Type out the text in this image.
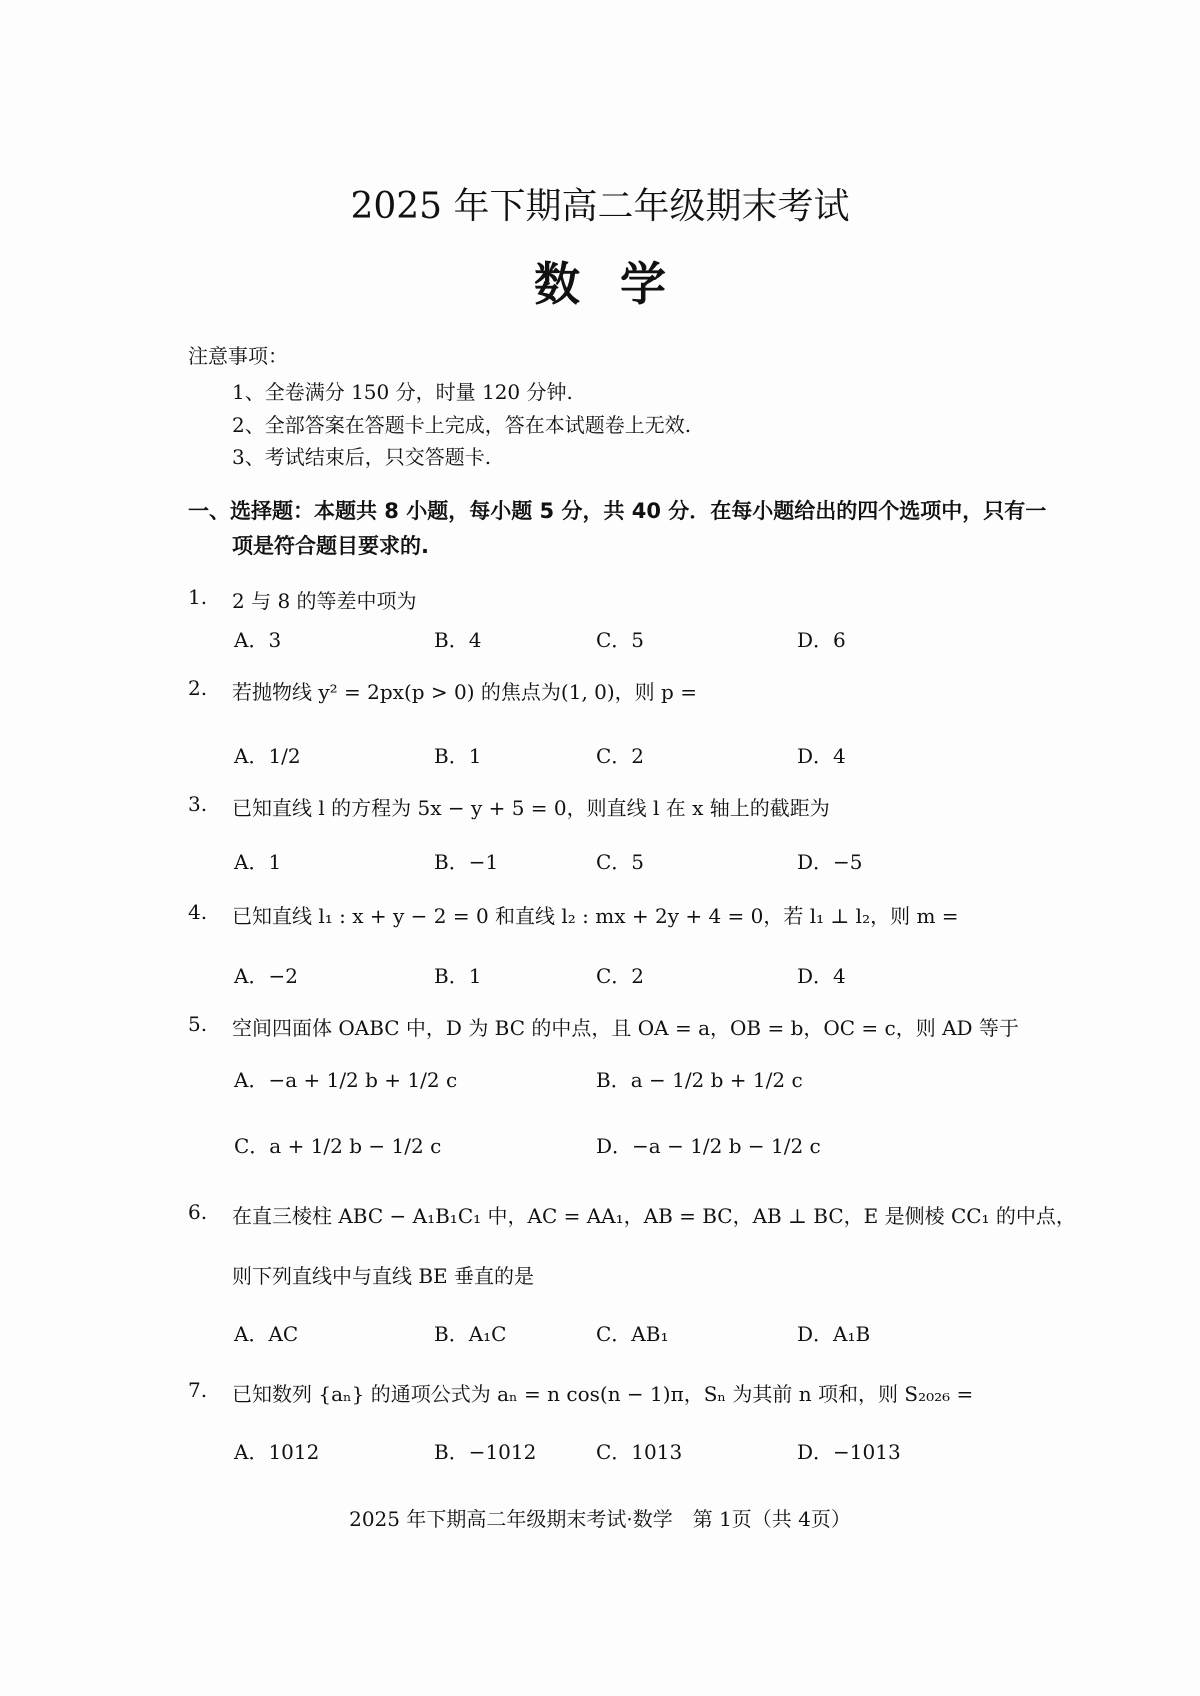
2025 年下期高二年级期末考试
数学
注意事项：
1、全卷满分 150 分，时量 120 分钟.
2、全部答案在答题卡上完成，答在本试题卷上无效.
3、考试结束后，只交答题卡.
一、选择题：本题共 8 小题，每小题 5 分，共 40 分．在每小题给出的四个选项中，只有一
项是符合题目要求的.
1. 2 与 8 的等差中项为
A．3	B．4	C．5	D．6
2. 若抛物线 y² = 2px(p > 0) 的焦点为(1, 0)，则 p =
A．1/2	B．1	C．2	D．4
3. 已知直线 l 的方程为 5x − y + 5 = 0，则直线 l 在 x 轴上的截距为
A．1	B．−1	C．5	D．−5
4. 已知直线 l₁ : x + y − 2 = 0 和直线 l₂ : mx + 2y + 4 = 0，若 l₁ ⊥ l₂，则 m =
A．−2	B．1	C．2	D．4
5. 空间四面体 OABC 中，D 为 BC 的中点，且 OA = a，OB = b，OC = c，则 AD 等于
A．−a + 1/2 b + 1/2 c	B．a − 1/2 b + 1/2 c
C．a + 1/2 b − 1/2 c	D．−a − 1/2 b − 1/2 c
6. 在直三棱柱 ABC − A₁B₁C₁ 中，AC = AA₁，AB = BC，AB ⊥ BC，E 是侧棱 CC₁ 的中点，
则下列直线中与直线 BE 垂直的是
A．AC	B．A₁C	C．AB₁	D．A₁B
7. 已知数列 {aₙ} 的通项公式为 aₙ = n cos(n − 1)π，Sₙ 为其前 n 项和，则 S₂₀₂₆ =
A．1012	B．−1012	C．1013	D．−1013
2025 年下期高二年级期末考试·数学　第 1页（共 4页）
